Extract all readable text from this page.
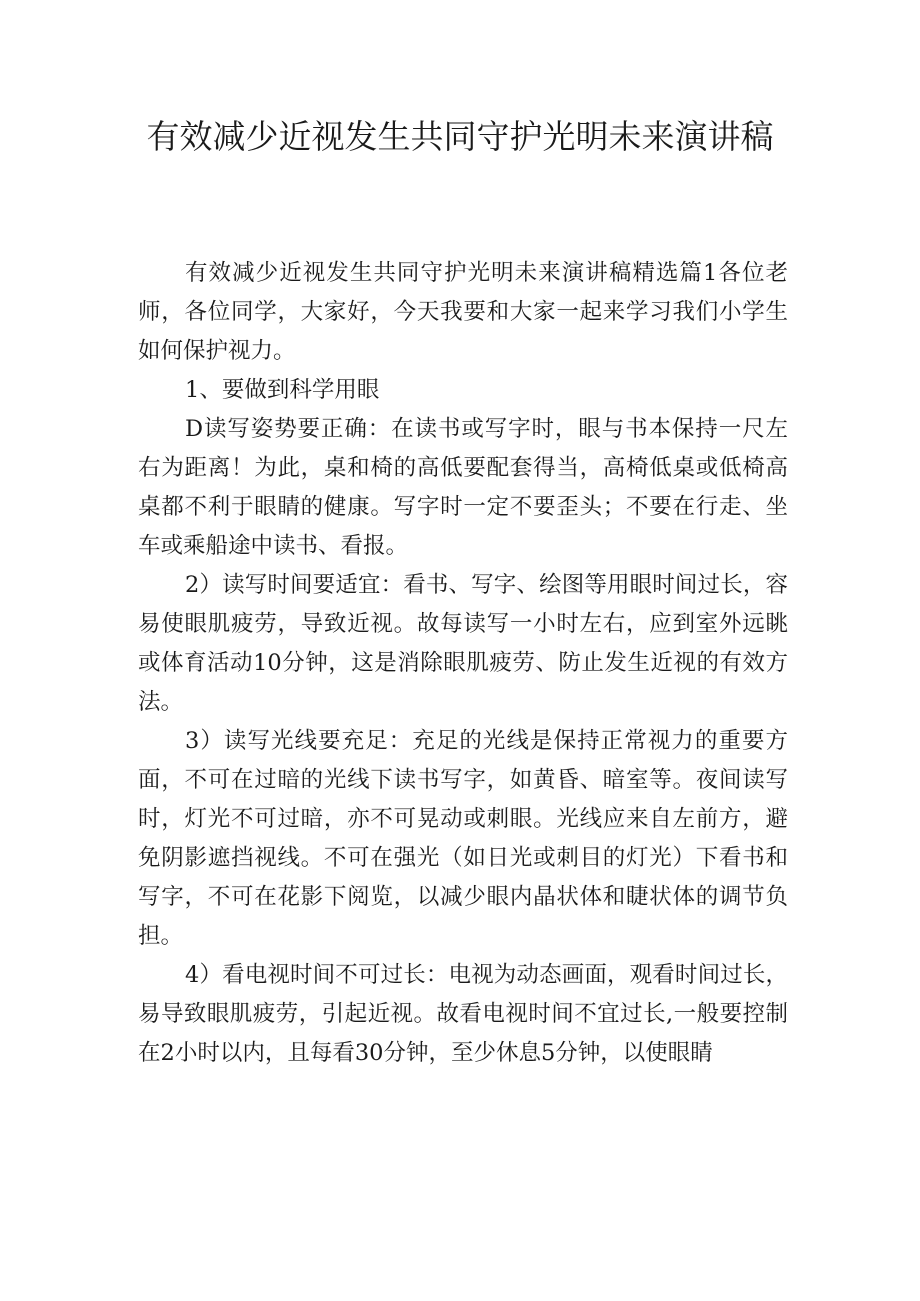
有效减少近视发生共同守护光明未来演讲稿

有效减少近视发生共同守护光明未来演讲稿精选篇1各位老师，各位同学，大家好，今天我要和大家一起来学习我们小学生如何保护视力。

1、要做到科学用眼

D读写姿势要正确：在读书或写字时，眼与书本保持一尺左右为距离！为此，桌和椅的高低要配套得当，高椅低桌或低椅高桌都不利于眼睛的健康。写字时一定不要歪头；不要在行走、坐车或乘船途中读书、看报。

2）读写时间要适宜：看书、写字、绘图等用眼时间过长，容易使眼肌疲劳，导致近视。故每读写一小时左右，应到室外远眺或体育活动10分钟，这是消除眼肌疲劳、防止发生近视的有效方法。

3）读写光线要充足：充足的光线是保持正常视力的重要方面，不可在过暗的光线下读书写字，如黄昏、暗室等。夜间读写时，灯光不可过暗，亦不可晃动或刺眼。光线应来自左前方，避免阴影遮挡视线。不可在强光（如日光或刺目的灯光）下看书和写字，不可在花影下阅览，以减少眼内晶状体和睫状体的调节负担。

4）看电视时间不可过长：电视为动态画面，观看时间过长，易导致眼肌疲劳，引起近视。故看电视时间不宜过长,一般要控制在2小时以内，且每看30分钟，至少休息5分钟，以使眼睛
